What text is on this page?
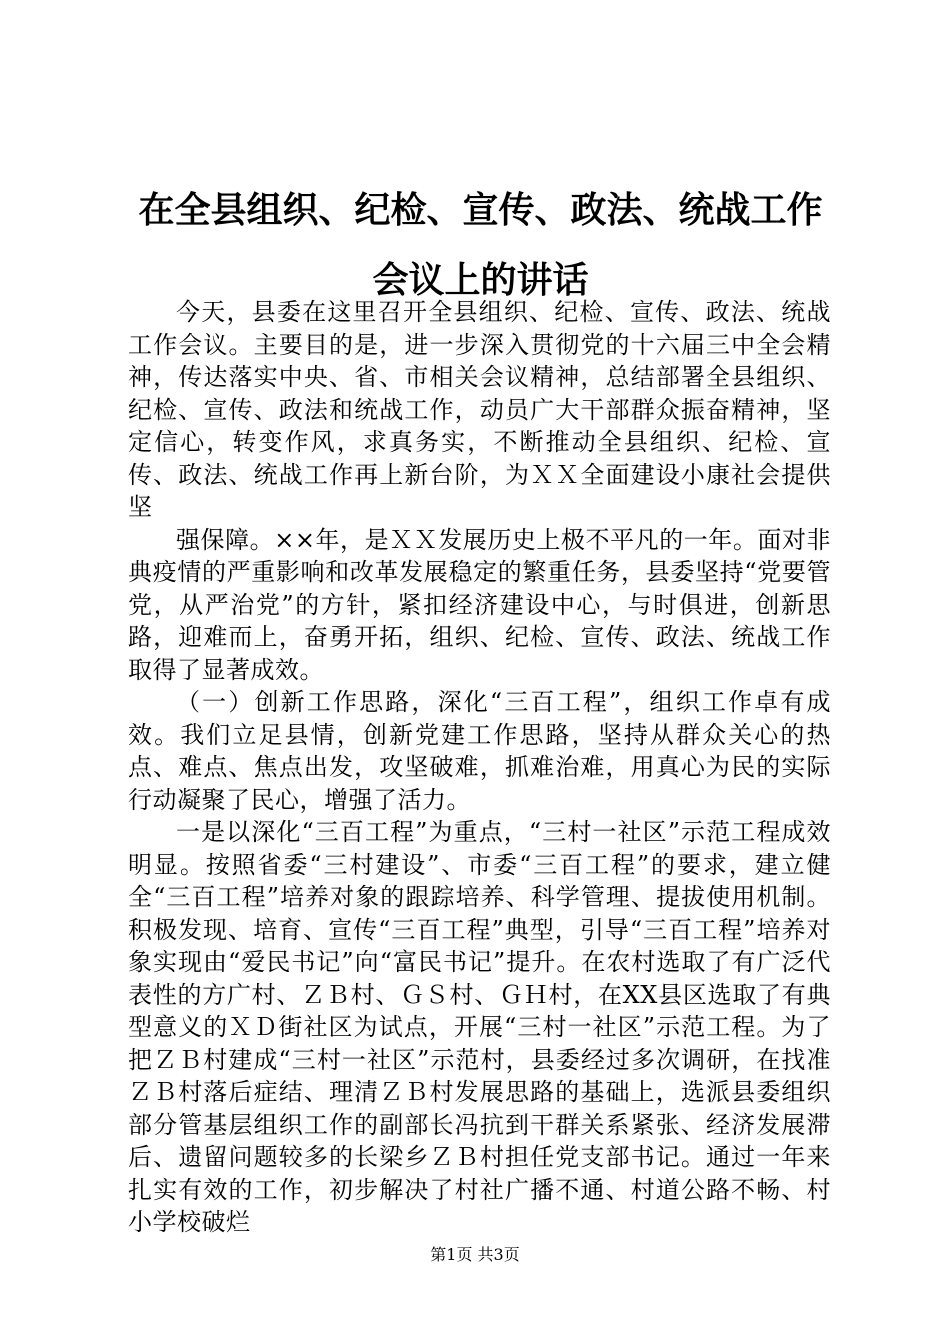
在全县组织、纪检、宣传、政法、统战工作会议上的讲话

今天，县委在这里召开全县组织、纪检、宣传、政法、统战工作会议。主要目的是，进一步深入贯彻党的十六届三中全会精神，传达落实中央、省、市相关会议精神，总结部署全县组织、纪检、宣传、政法和统战工作，动员广大干部群众振奋精神，坚定信心，转变作风，求真务实，不断推动全县组织、纪检、宣传、政法、统战工作再上新台阶，为ＸＸ全面建设小康社会提供坚

强保障。××年，是ＸＸ发展历史上极不平凡的一年。面对非典疫情的严重影响和改革发展稳定的繁重任务，县委坚持“党要管党，从严治党”的方针，紧扣经济建设中心，与时俱进，创新思路，迎难而上，奋勇开拓，组织、纪检、宣传、政法、统战工作取得了显著成效。

（一）创新工作思路，深化“三百工程”，组织工作卓有成效。我们立足县情，创新党建工作思路，坚持从群众关心的热点、难点、焦点出发，攻坚破难，抓难治难，用真心为民的实际行动凝聚了民心，增强了活力。

一是以深化“三百工程”为重点，“三村一社区”示范工程成效明显。按照省委“三村建设”、市委“三百工程”的要求，建立健全“三百工程”培养对象的跟踪培养、科学管理、提拔使用机制。积极发现、培育、宣传“三百工程”典型，引导“三百工程”培养对象实现由“爱民书记”向“富民书记”提升。在农村选取了有广泛代表性的方广村、ＺＢ村、ＧＳ村、ＧＨ村，在XX县区选取了有典型意义的ＸＤ街社区为试点，开展“三村一社区”示范工程。为了把ＺＢ村建成“三村一社区”示范村，县委经过多次调研，在找准ＺＢ村落后症结、理清ＺＢ村发展思路的基础上，选派县委组织部分管基层组织工作的副部长冯抗到干群关系紧张、经济发展滞后、遗留问题较多的长梁乡ＺＢ村担任党支部书记。通过一年来扎实有效的工作，初步解决了村社广播不通、村道公路不畅、村小学校破烂

第1页 共3页
